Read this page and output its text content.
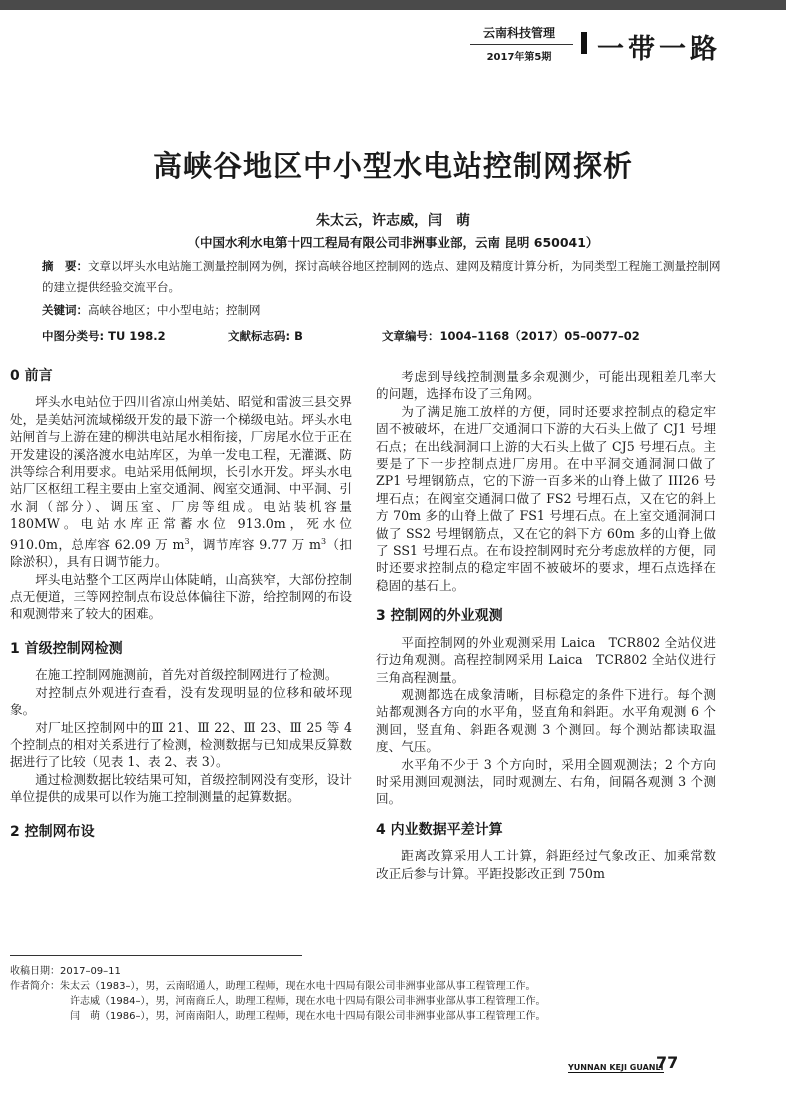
云南科技管理
2017年第5期	一带一路
高峡谷地区中小型水电站控制网探析
朱太云，许志威，闫　萌
（中国水利水电第十四工程局有限公司非洲事业部，云南 昆明 650041）
摘　要：文章以坪头水电站施工测量控制网为例，探讨高峡谷地区控制网的选点、建网及精度计算分析，为同类型工程施工测量控制网的建立提供经验交流平台。
关键词：高峡谷地区；中小型电站；控制网
中图分类号: TU 198.2	文献标志码: B	文章编号：1004–1168（2017）05–0077–02
0 前言

坪头水电站位于四川省凉山州美姑、昭觉和雷波三县交界处，是美姑河流域梯级开发的最下游一个梯级电站。坪头水电站闸首与上游在建的柳洪电站尾水相衔接，厂房尾水位于正在开发建设的溪洛渡水电站库区，为单一发电工程，无灌溉、防洪等综合利用要求。电站采用低闸坝，长引水开发。坪头水电站厂区枢纽工程主要由上室交通洞、阀室交通洞、中平洞、引水洞（部分）、调压室、厂房等组成。电站装机容量 180MW。电站水库正常蓄水位 913.0m，死水位 910.0m，总库容 62.09 万 $m^3$，调节库容 9.77 万 $m^3$（扣除淤积），具有日调节能力。

坪头电站整个工区两岸山体陡峭，山高狭窄，大部份控制点无便道，三等网控制点布设总体偏往下游，给控制网的布设和观测带来了较大的困难。

1 首级控制网检测

在施工控制网施测前，首先对首级控制网进行了检测。

对控制点外观进行查看，没有发现明显的位移和破坏现象。

对厂址区控制网中的Ⅲ 21、Ⅲ 22、Ⅲ 23、Ⅲ 25 等 4 个控制点的相对关系进行了检测，检测数据与已知成果反算数据进行了比较（见表 1、表 2、表 3）。

通过检测数据比较结果可知，首级控制网没有变形，设计单位提供的成果可以作为施工控制测量的起算数据。

2 控制网布设

考虑到导线控制测量多余观测少，可能出现粗差几率大的问题，选择布设了三角网。

为了满足施工放样的方便，同时还要求控制点的稳定牢固不被破坏，在进厂交通洞口下游的大石头上做了 CJ1 号埋石点；在出线洞洞口上游的大石头上做了 CJ5 号埋石点。主要是了下一步控制点进厂房用。在中平洞交通洞洞口做了 ZP1 号埋钢筋点，它的下游一百多米的山脊上做了 III26 号埋石点；在阀室交通洞口做了 FS2 号埋石点，又在它的斜上方 70m 多的山脊上做了 FS1 号埋石点。在上室交通洞洞口做了 SS2 号埋钢筋点，又在它的斜下方 60m 多的山脊上做了 SS1 号埋石点。在布设控制网时充分考虑放样的方便，同时还要求控制点的稳定牢固不被破坏的要求，埋石点选择在稳固的基石上。

3 控制网的外业观测

平面控制网的外业观测采用 Laica　TCR802 全站仪进行边角观测。高程控制网采用 Laica　TCR802 全站仪进行三角高程测量。

观测都选在成象清晰，目标稳定的条件下进行。每个测站都观测各方向的水平角，竖直角和斜距。水平角观测 6 个测回，竖直角、斜距各观测 3 个测回。每个测站都读取温度、气压。

水平角不少于 3 个方向时，采用全圆观测法；2 个方向时采用测回观测法，同时观测左、右角，间隔各观测 3 个测回。

4 内业数据平差计算

距离改算采用人工计算，斜距经过气象改正、加乘常数改正后参与计算。平距投影改正到 750m

收稿日期：2017–09–11
作者简介：朱太云（1983–），男，云南昭通人，助理工程师，现在水电十四局有限公司非洲事业部从事工程管理工作。
许志威（1984–），男，河南商丘人，助理工程师，现在水电十四局有限公司非洲事业部从事工程管理工作。
闫　萌（1986–），男，河南南阳人，助理工程师，现在水电十四局有限公司非洲事业部从事工程管理工作。
YUNNAN KEJI GUANLI
77
